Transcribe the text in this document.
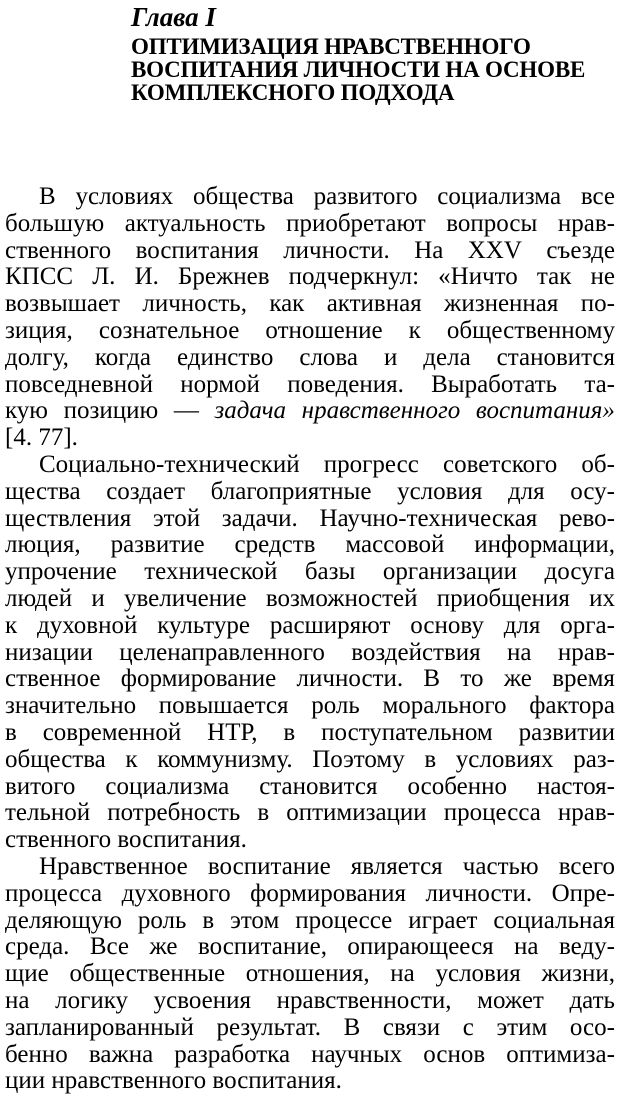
Глава I
ОПТИМИЗАЦИЯ НРАВСТВЕННОГО
ВОСПИТАНИЯ ЛИЧНОСТИ НА ОСНОВЕ
КОМПЛЕКСНОГО ПОДХОДА
В условиях общества развитого социализма все
большую актуальность приобретают вопросы нрав-
ственного воспитания личности. На XXV съезде
КПСС Л. И. Брежнев подчеркнул: «Ничто так не
возвышает личность, как активная жизненная по-
зиция, сознательное отношение к общественному
долгу, когда единство слова и дела становится
повседневной нормой поведения. Выработать та-
кую позицию — задача нравственного воспитания»
[4. 77].
Социально-технический прогресс советского об-
щества создает благоприятные условия для осу-
ществления этой задачи. Научно-техническая рево-
люция, развитие средств массовой информации,
упрочение технической базы организации досуга
людей и увеличение возможностей приобщения их
к духовной культуре расширяют основу для орга-
низации целенаправленного воздействия на нрав-
ственное формирование личности. В то же время
значительно повышается роль морального фактора
в современной НТР, в поступательном развитии
общества к коммунизму. Поэтому в условиях раз-
витого социализма становится особенно настоя-
тельной потребность в оптимизации процесса нрав-
ственного воспитания.
Нравственное воспитание является частью всего
процесса духовного формирования личности. Опре-
деляющую роль в этом процессе играет социальная
среда. Все же воспитание, опирающееся на веду-
щие общественные отношения, на условия жизни,
на логику усвоения нравственности, может дать
запланированный результат. В связи с этим осо-
бенно важна разработка научных основ оптимиза-
ции нравственного воспитания.
